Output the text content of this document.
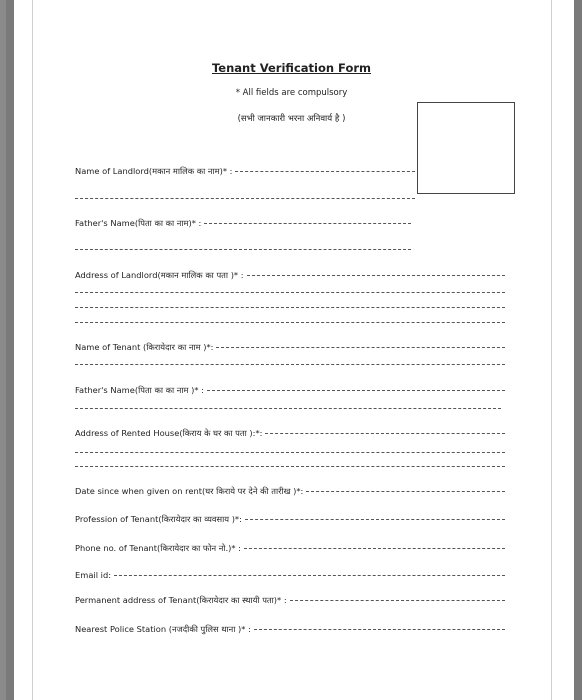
Tenant Verification Form
* All fields are compulsory
(सभी जानकारी भरना अनिवार्य है )
Name of Landlord(मकान मालिक का नाम)* :
Father's Name(पिता का का नाम)* :
Address of Landlord(मकान मालिक का पता )* :
Name of Tenant (किरायेदार का नाम )*:
Father's Name(पिता का का नाम )* :
Address of Rented House(किराय के घर का पता ):*:
Date since when given on rent(घर किराये पर देने की तारीख )*:
Profession of Tenant(किरायेदार का व्यवसाय )*:
Phone no. of Tenant(किरायेदार का फोन नो.)* :
Email id:
Permanent address of Tenant(किरायेदार का स्थायी पता)* :
Nearest Police Station (नजदीकी पुलिस थाना )* :
